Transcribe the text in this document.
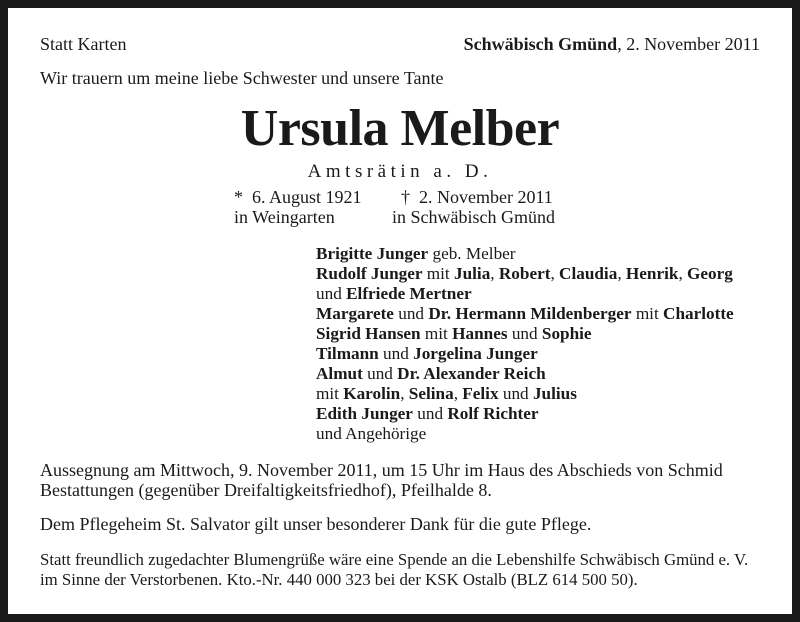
Statt Karten	Schwäbisch Gmünd, 2. November 2011
Wir trauern um meine liebe Schwester und unsere Tante
Ursula Melber
Amtsrätin a. D.
* 6. August 1921
in Weingarten
† 2. November 2011
in Schwäbisch Gmünd
Brigitte Junger geb. Melber
Rudolf Junger mit Julia, Robert, Claudia, Henrik, Georg
und Elfriede Mertner
Margarete und Dr. Hermann Mildenberger mit Charlotte
Sigrid Hansen mit Hannes und Sophie
Tilmann und Jorgelina Junger
Almut und Dr. Alexander Reich
mit Karolin, Selina, Felix und Julius
Edith Junger und Rolf Richter
und Angehörige
Aussegnung am Mittwoch, 9. November 2011, um 15 Uhr im Haus des Abschieds von Schmid Bestattungen (gegenüber Dreifaltigkeitsfriedhof), Pfeilhalde 8.
Dem Pflegeheim St. Salvator gilt unser besonderer Dank für die gute Pflege.
Statt freundlich zugedachter Blumengrüße wäre eine Spende an die Lebenshilfe Schwäbisch Gmünd e. V. im Sinne der Verstorbenen. Kto.-Nr. 440 000 323 bei der KSK Ostalb (BLZ 614 500 50).
